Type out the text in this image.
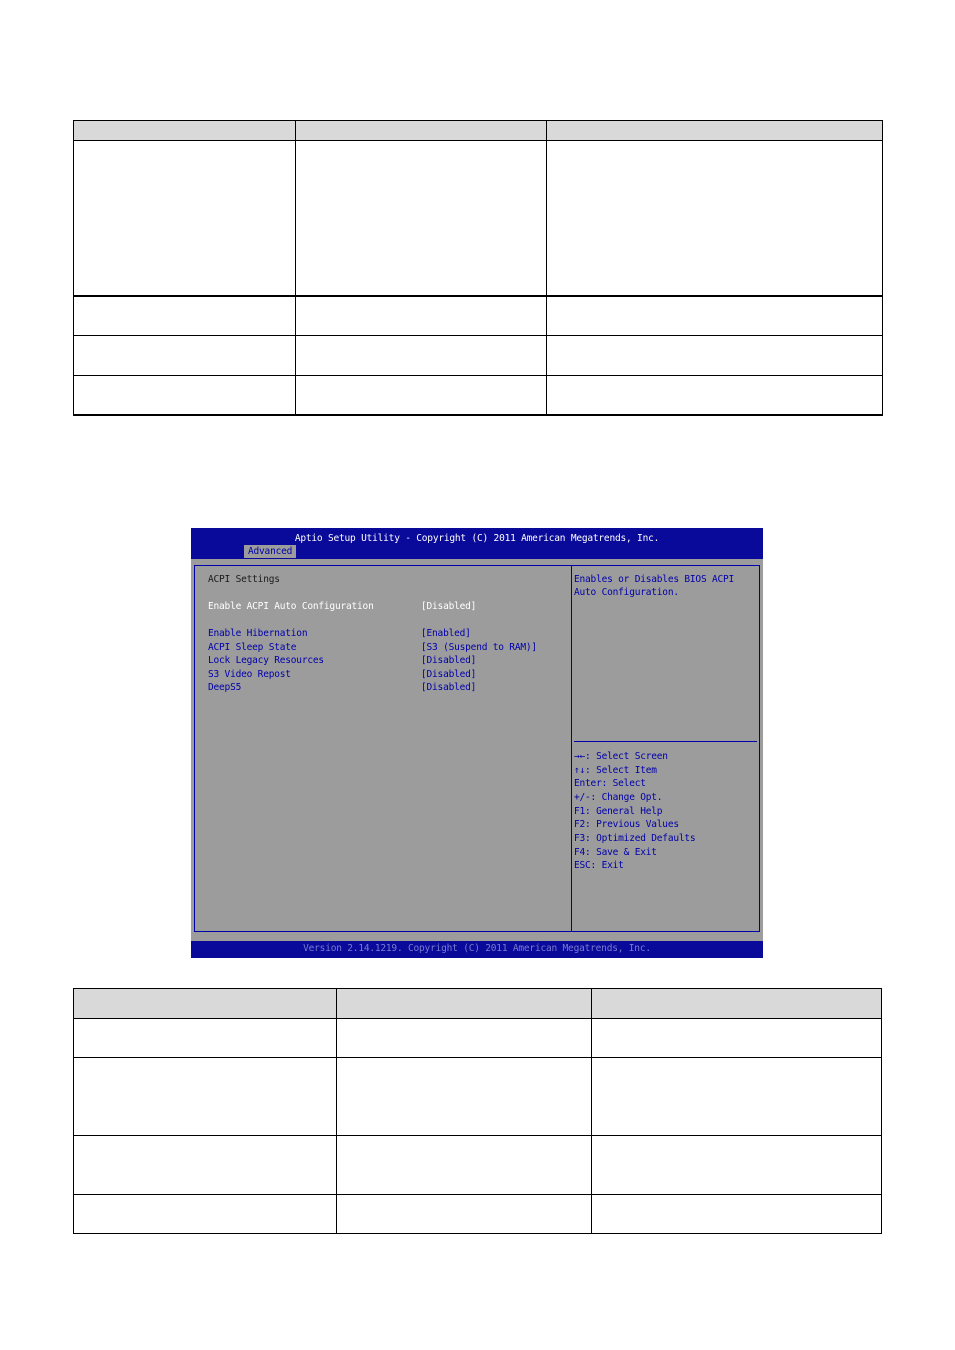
Aptio Setup Utility - Copyright (C) 2011 American Megatrends, Inc.
Advanced
ACPI Settings
Enable ACPI Auto Configuration	[Disabled]
Enable Hibernation	[Enabled]
ACPI Sleep State	[S3 (Suspend to RAM)]
Lock Legacy Resources	[Disabled]
S3 Video Repost	[Disabled]
DeepS5	[Disabled]
Enables or Disables BIOS ACPI
Auto Configuration.
→←: Select Screen
↑↓: Select Item
Enter: Select
+/-: Change Opt.
F1: General Help
F2: Previous Values
F3: Optimized Defaults
F4: Save & Exit
ESC: Exit
Version 2.14.1219. Copyright (C) 2011 American Megatrends, Inc.
